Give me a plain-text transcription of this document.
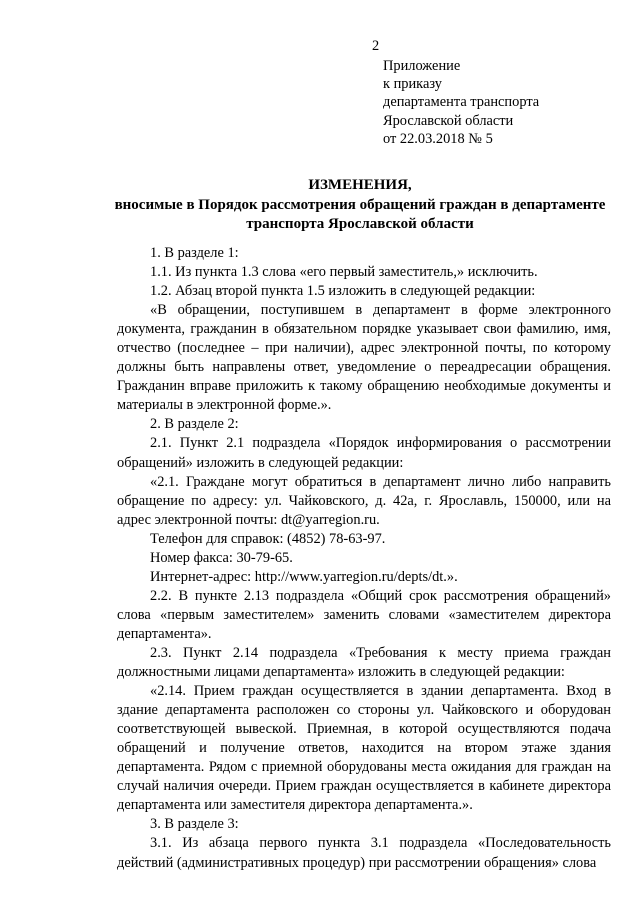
2
Приложение
к приказу
департамента транспорта
Ярославской области
от 22.03.2018 № 5
ИЗМЕНЕНИЯ,
вносимые в Порядок рассмотрения обращений граждан в департаменте транспорта Ярославской области

1. В разделе 1:

1.1. Из пункта 1.3 слова «его первый заместитель,» исключить.

1.2. Абзац второй пункта 1.5 изложить в следующей редакции:

«В обращении, поступившем в департамент в форме электронного документа, гражданин в обязательном порядке указывает свои фамилию, имя, отчество (последнее – при наличии), адрес электронной почты, по которому должны быть направлены ответ, уведомление о переадресации обращения. Гражданин вправе приложить к такому обращению необходимые документы и материалы в электронной форме.».

2. В разделе 2:

2.1. Пункт 2.1 подраздела «Порядок информирования о рассмотрении обращений» изложить в следующей редакции:

«2.1. Граждане могут обратиться в департамент лично либо направить обращение по адресу: ул. Чайковского, д. 42а, г. Ярославль, 150000, или на адрес электронной почты: dt@yarregion.ru.

Телефон для справок: (4852) 78-63-97.

Номер факса: 30-79-65.

Интернет-адрес: http://www.yarregion.ru/depts/dt.».

2.2. В пункте 2.13 подраздела «Общий срок рассмотрения обращений» слова «первым заместителем» заменить словами «заместителем директора департамента».

2.3. Пункт 2.14 подраздела «Требования к месту приема граждан должностными лицами департамента» изложить в следующей редакции:

«2.14. Прием граждан осуществляется в здании департамента. Вход в здание департамента расположен со стороны ул. Чайковского и оборудован соответствующей вывеской. Приемная, в которой осуществляются подача обращений и получение ответов, находится на втором этаже здания департамента. Рядом с приемной оборудованы места ожидания для граждан на случай наличия очереди. Прием граждан осуществляется в кабинете директора департамента или заместителя директора департамента.».

3. В разделе 3:

3.1. Из абзаца первого пункта 3.1 подраздела «Последовательность действий (административных процедур) при рассмотрении обращения» слова
